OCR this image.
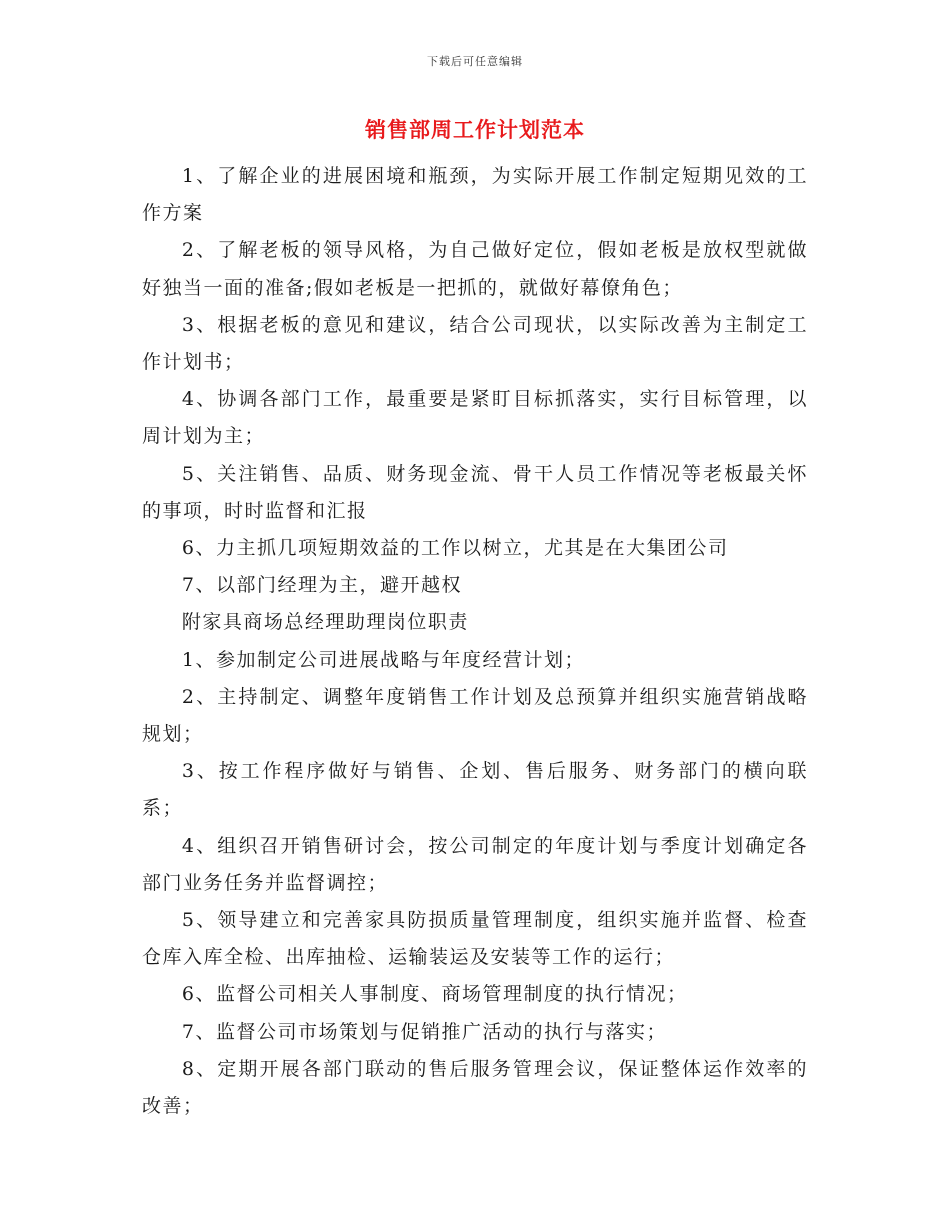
下载后可任意编辑
销售部周工作计划范本

1、了解企业的进展困境和瓶颈，为实际开展工作制定短期见效的工作方案

2、了解老板的领导风格，为自己做好定位，假如老板是放权型就做好独当一面的准备;假如老板是一把抓的，就做好幕僚角色；

3、根据老板的意见和建议，结合公司现状，以实际改善为主制定工作计划书；

4、协调各部门工作，最重要是紧盯目标抓落实，实行目标管理，以周计划为主；

5、关注销售、品质、财务现金流、骨干人员工作情况等老板最关怀的事项，时时监督和汇报

6、力主抓几项短期效益的工作以树立，尤其是在大集团公司

7、以部门经理为主，避开越权

附家具商场总经理助理岗位职责

1、参加制定公司进展战略与年度经营计划；

2、主持制定、调整年度销售工作计划及总预算并组织实施营销战略规划；

3、按工作程序做好与销售、企划、售后服务、财务部门的横向联系；

4、组织召开销售研讨会，按公司制定的年度计划与季度计划确定各部门业务任务并监督调控；

5、领导建立和完善家具防损质量管理制度，组织实施并监督、检查仓库入库全检、出库抽检、运输装运及安装等工作的运行；

6、监督公司相关人事制度、商场管理制度的执行情况；

7、监督公司市场策划与促销推广活动的执行与落实；

8、定期开展各部门联动的售后服务管理会议，保证整体运作效率的改善；
